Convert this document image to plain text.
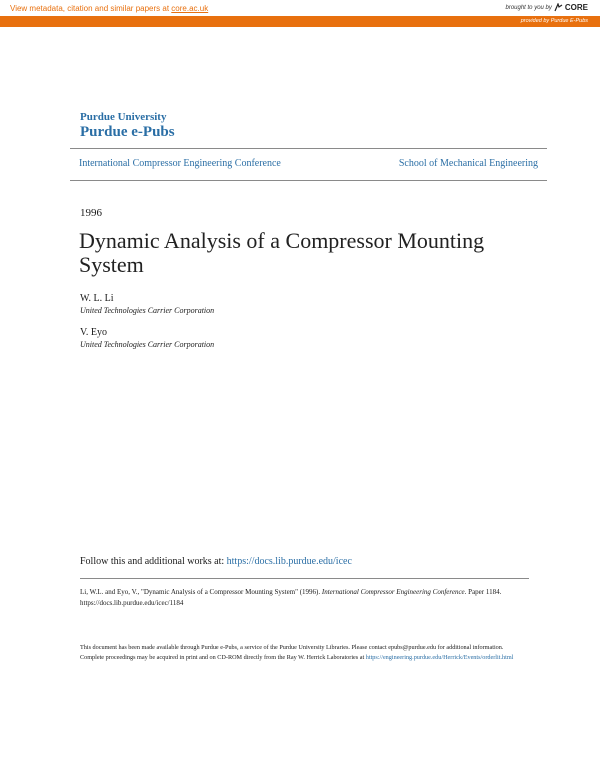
View metadata, citation and similar papers at core.ac.uk	brought to you by CORE
provided by Purdue E-Pubs
Purdue University
Purdue e-Pubs
International Compressor Engineering Conference	School of Mechanical Engineering
1996
Dynamic Analysis of a Compressor Mounting System
W. L. Li
United Technologies Carrier Corporation
V. Eyo
United Technologies Carrier Corporation
Follow this and additional works at: https://docs.lib.purdue.edu/icec
Li, W.L. and Eyo, V., "Dynamic Analysis of a Compressor Mounting System" (1996). International Compressor Engineering Conference. Paper 1184.
https://docs.lib.purdue.edu/icec/1184
This document has been made available through Purdue e-Pubs, a service of the Purdue University Libraries. Please contact epubs@purdue.edu for additional information.
Complete proceedings may be acquired in print and on CD-ROM directly from the Ray W. Herrick Laboratories at https://engineering.purdue.edu/Herrick/Events/orderlit.html
